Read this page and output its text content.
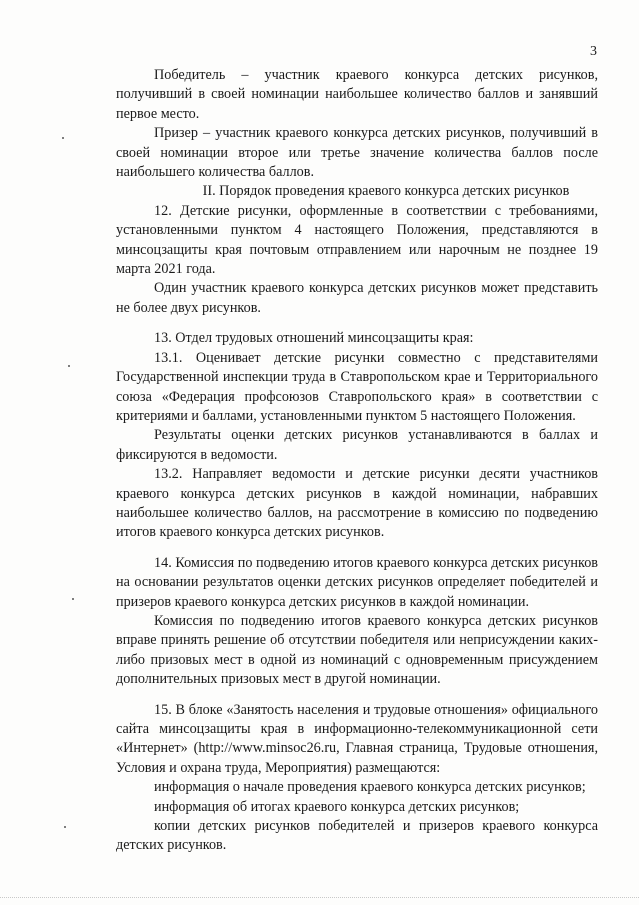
3

Победитель – участник краевого конкурса детских рисунков, получивший в своей номинации наибольшее количество баллов и занявший первое место.

Призер – участник краевого конкурса детских рисунков, получивший в своей номинации второе или третье значение количества баллов после наибольшего количества баллов.

II. Порядок проведения краевого конкурса детских рисунков

12. Детские рисунки, оформленные в соответствии с требованиями, установленными пунктом 4 настоящего Положения, представляются в минсоцзащиты края почтовым отправлением или нарочным не позднее 19 марта 2021 года.

Один участник краевого конкурса детских рисунков может представить не более двух рисунков.

13. Отдел трудовых отношений минсоцзащиты края:

13.1. Оценивает детские рисунки совместно с представителями Государственной инспекции труда в Ставропольском крае и Территориального союза «Федерация профсоюзов Ставропольского края» в соответствии с критериями и баллами, установленными пунктом 5 настоящего Положения.

Результаты оценки детских рисунков устанавливаются в баллах и фиксируются в ведомости.

13.2. Направляет ведомости и детские рисунки десяти участников краевого конкурса детских рисунков в каждой номинации, набравших наибольшее количество баллов, на рассмотрение в комиссию по подведению итогов краевого конкурса детских рисунков.

14. Комиссия по подведению итогов краевого конкурса детских рисунков на основании результатов оценки детских рисунков определяет победителей и призеров краевого конкурса детских рисунков в каждой номинации.

Комиссия по подведению итогов краевого конкурса детских рисунков вправе принять решение об отсутствии победителя или неприсуждении каких-либо призовых мест в одной из номинаций с одновременным присуждением дополнительных призовых мест в другой номинации.

15. В блоке «Занятость населения и трудовые отношения» официального сайта минсоцзащиты края в информационно-телекоммуникационной сети «Интернет» (http://www.minsoc26.ru, Главная страница, Трудовые отношения, Условия и охрана труда, Мероприятия) размещаются:

информация о начале проведения краевого конкурса детских рисунков;

информация об итогах краевого конкурса детских рисунков;

копии детских рисунков победителей и призеров краевого конкурса детских рисунков.
